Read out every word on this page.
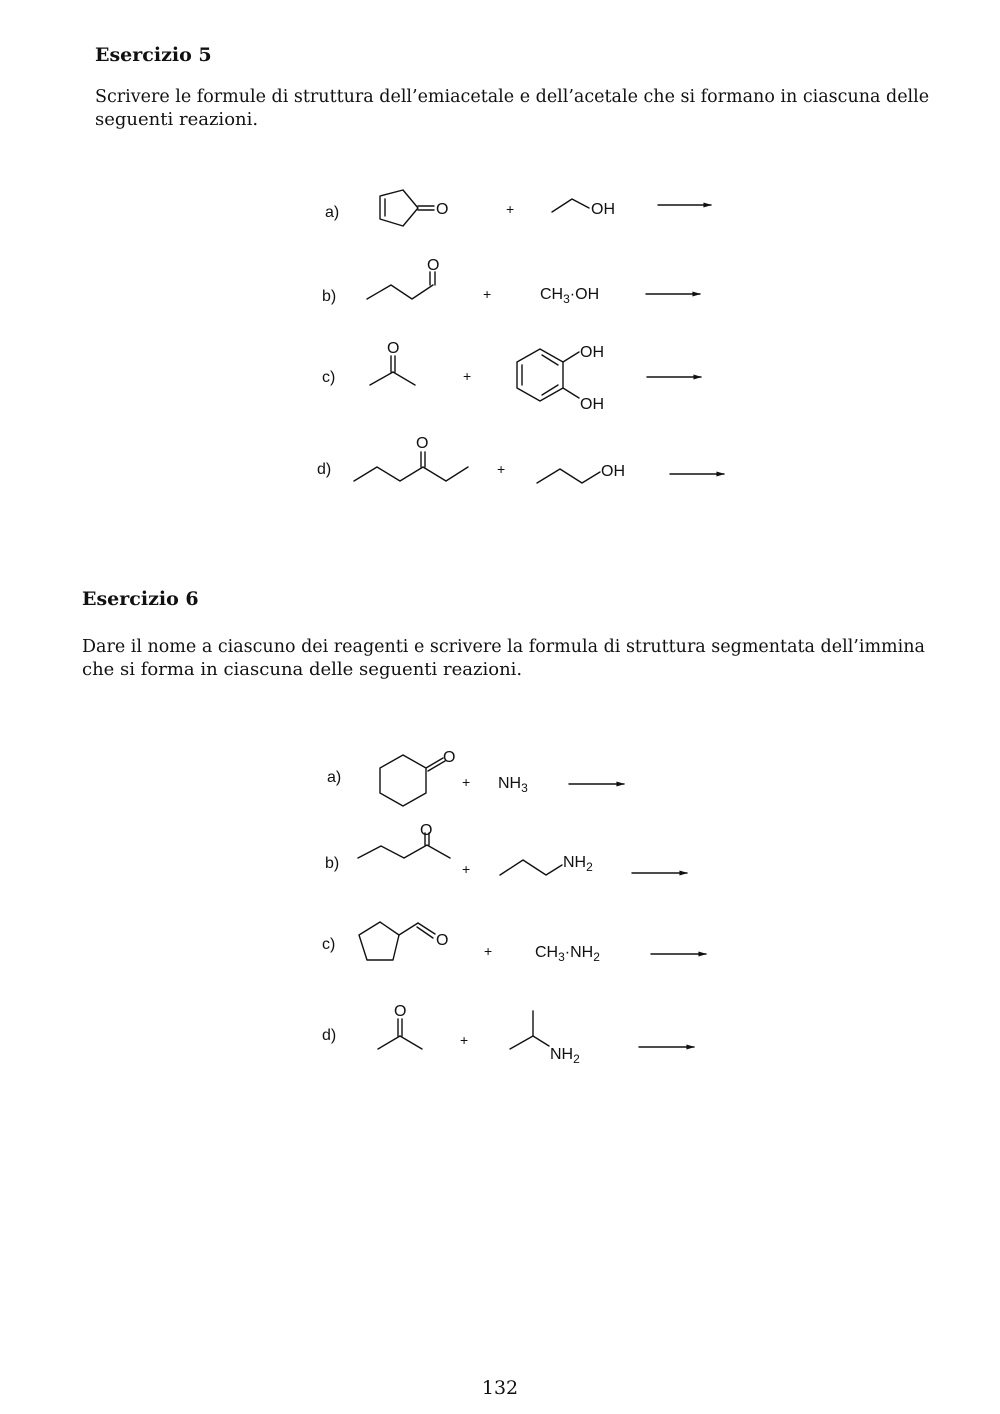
Esercizio 5
Scrivere le formule di struttura dell’emiacetale e dell’acetale che si formano in ciascuna delle
seguenti reazioni.
Esercizio 6
Dare il nome a ciascuno dei reagenti e scrivere la formula di struttura segmentata dell’immina
che si forma in ciascuna delle seguenti reazioni.
a)	O	+	OH
b)
O
+	$CH_3\cdot OH$
c)
O
+
OH
OH
d)
O
+	OH
a)
O
+ $NH_3$
b)
O
+	$NH_2$
c)	O
+	$CH_3\cdot NH_2$
d)
O
+
$NH_2$
132
